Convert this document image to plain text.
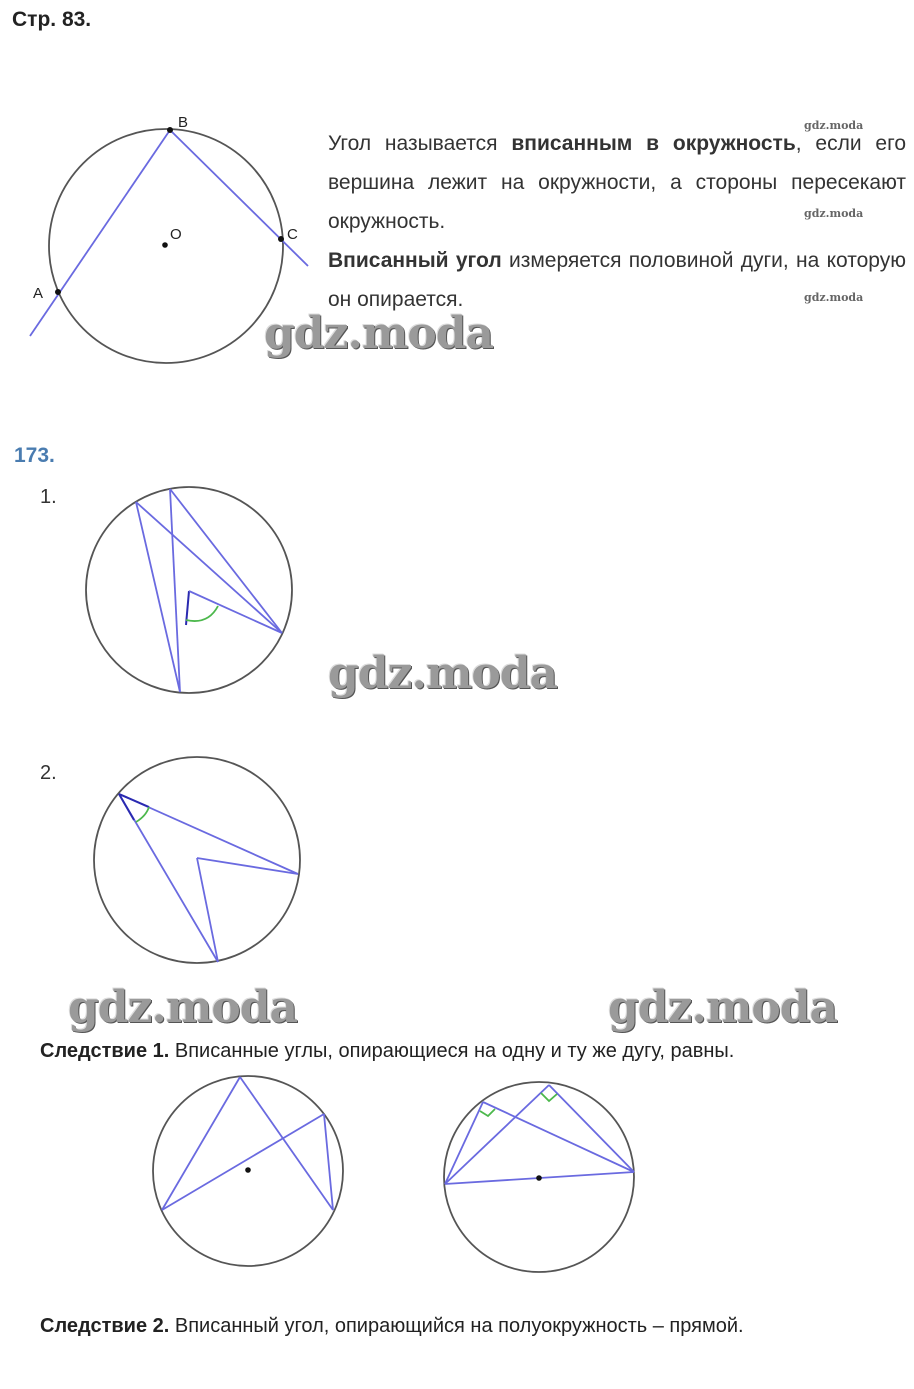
Стр. 83.
A
B
C
O

Угол называется вписанным в окружность, если его вершина лежит на окружности, а стороны пересекают окружность.

Вписанный угол измеряется половиной дуги, на которую он опирается.

gdz.moda
gdz.moda
gdz.moda
gdz.moda
173.
1.
gdz.moda
2.
gdz.moda	gdz.moda
Следствие 1. Вписанные углы, опирающиеся на одну и ту же дугу, равны.
Следствие 2. Вписанный угол, опирающийся на полуокружность – прямой.
